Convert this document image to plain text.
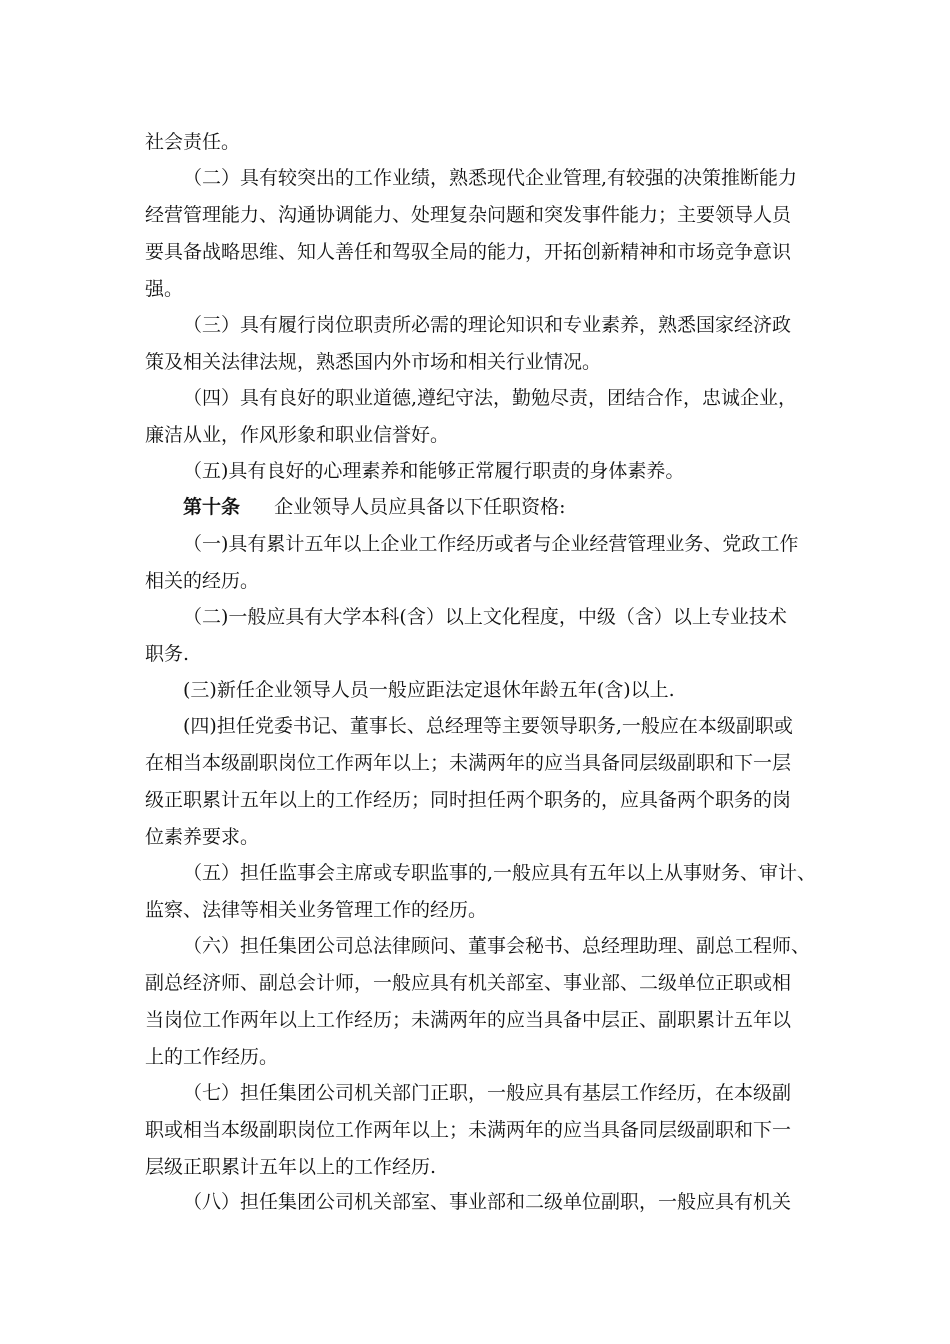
社会责任。
（二）具有较突出的工作业绩，熟悉现代企业管理,有较强的决策推断能力
经营管理能力、沟通协调能力、处理复杂问题和突发事件能力；主要领导人员
要具备战略思维、知人善任和驾驭全局的能力，开拓创新精神和市场竞争意识
强。
（三）具有履行岗位职责所必需的理论知识和专业素养，熟悉国家经济政
策及相关法律法规，熟悉国内外市场和相关行业情况。
（四）具有良好的职业道德,遵纪守法，勤勉尽责，团结合作，忠诚企业，
廉洁从业，作风形象和职业信誉好。
（五)具有良好的心理素养和能够正常履行职责的身体素养。
第十条 企业领导人员应具备以下任职资格:
（一)具有累计五年以上企业工作经历或者与企业经营管理业务、党政工作
相关的经历。
（二)一般应具有大学本科(含）以上文化程度，中级（含）以上专业技术
职务.
(三)新任企业领导人员一般应距法定退休年龄五年(含)以上.
(四)担任党委书记、董事长、总经理等主要领导职务,一般应在本级副职或
在相当本级副职岗位工作两年以上；未满两年的应当具备同层级副职和下一层
级正职累计五年以上的工作经历；同时担任两个职务的，应具备两个职务的岗
位素养要求。
（五）担任监事会主席或专职监事的,一般应具有五年以上从事财务、审计、
监察、法律等相关业务管理工作的经历。
（六）担任集团公司总法律顾问、董事会秘书、总经理助理、副总工程师、
副总经济师、副总会计师，一般应具有机关部室、事业部、二级单位正职或相
当岗位工作两年以上工作经历；未满两年的应当具备中层正、副职累计五年以
上的工作经历。
（七）担任集团公司机关部门正职，一般应具有基层工作经历，在本级副
职或相当本级副职岗位工作两年以上；未满两年的应当具备同层级副职和下一
层级正职累计五年以上的工作经历.
（八）担任集团公司机关部室、事业部和二级单位副职，一般应具有机关
